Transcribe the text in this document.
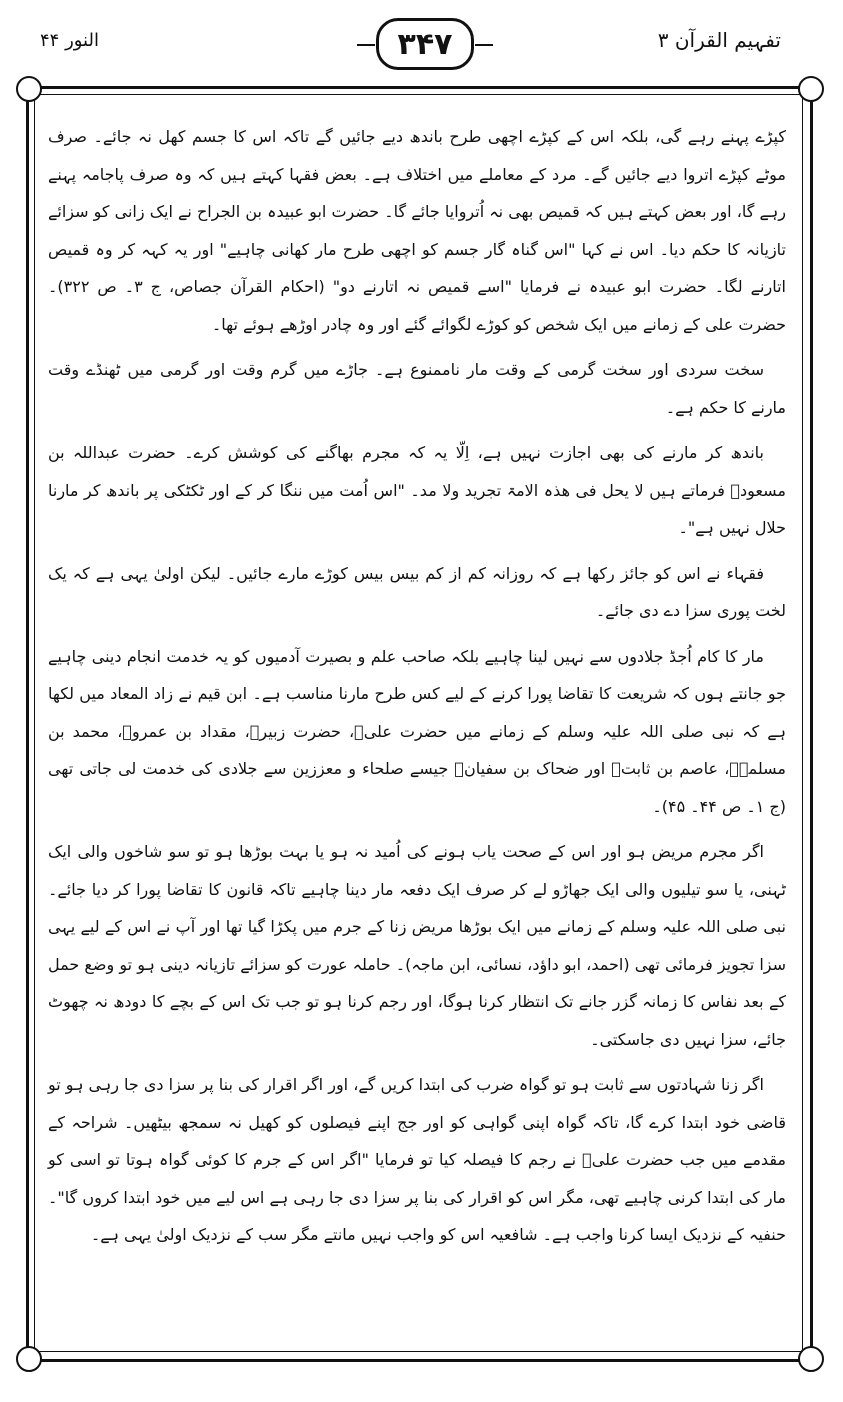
النور ۴۴	۳۴۷	تفہیم القرآن ۳

کپڑے پہنے رہے گی، بلکہ اس کے کپڑے اچھی طرح باندھ دیے جائیں گے تاکہ اس کا جسم کھل نہ جائے۔ صرف موٹے کپڑے اتروا دیے جائیں گے۔ مرد کے معاملے میں اختلاف ہے۔ بعض فقہا کہتے ہیں کہ وہ صرف پاجامہ پہنے رہے گا، اور بعض کہتے ہیں کہ قمیص بھی نہ اُتروایا جائے گا۔ حضرت ابو عبیدہ بن الجراح نے ایک زانی کو سزائے تازیانہ کا حکم دیا۔ اس نے کہا "اس گناہ گار جسم کو اچھی طرح مار کھانی چاہیے" اور یہ کہہ کر وہ قمیص اتارنے لگا۔ حضرت ابو عبیدہ نے فرمایا "اسے قمیص نہ اتارنے دو" (احکام القرآن جصاص، ج ۳۔ ص ۳۲۲)۔ حضرت علی کے زمانے میں ایک شخص کو کوڑے لگوائے گئے اور وہ چادر اوڑھے ہوئے تھا۔

سخت سردی اور سخت گرمی کے وقت مار ناممنوع ہے۔ جاڑے میں گرم وقت اور گرمی میں ٹھنڈے وقت مارنے کا حکم ہے۔

باندھ کر مارنے کی بھی اجازت نہیں ہے، اِلّا یہ کہ مجرم بھاگنے کی کوشش کرے۔ حضرت عبداللہ بن مسعودؓ فرماتے ہیں لا یحل فی ھذہ الامۃ تجرید ولا مد۔ "اس اُمت میں ننگا کر کے اور ٹکٹکی پر باندھ کر مارنا حلال نہیں ہے"۔

فقہاء نے اس کو جائز رکھا ہے کہ روزانہ کم از کم بیس بیس کوڑے مارے جائیں۔ لیکن اولیٰ یہی ہے کہ یک لخت پوری سزا دے دی جائے۔

مار کا کام اُجڈ جلادوں سے نہیں لینا چاہیے بلکہ صاحب علم و بصیرت آدمیوں کو یہ خدمت انجام دینی چاہیے جو جانتے ہوں کہ شریعت کا تقاضا پورا کرنے کے لیے کس طرح مارنا مناسب ہے۔ ابن قیم نے زاد المعاد میں لکھا ہے کہ نبی صلی اللہ علیہ وسلم کے زمانے میں حضرت علیؓ، حضرت زبیرؓ، مقداد بن عمروؓ، محمد بن مسلمہؓ، عاصم بن ثابتؓ اور ضحاک بن سفیانؓ جیسے صلحاء و معززین سے جلادی کی خدمت لی جاتی تھی (ج ۱۔ ص ۴۴۔ ۴۵)۔

اگر مجرم مریض ہو اور اس کے صحت یاب ہونے کی اُمید نہ ہو یا بہت بوڑھا ہو تو سو شاخوں والی ایک ٹہنی، یا سو تیلیوں والی ایک جھاڑو لے کر صرف ایک دفعہ مار دینا چاہیے تاکہ قانون کا تقاضا پورا کر دیا جائے۔ نبی صلی اللہ علیہ وسلم کے زمانے میں ایک بوڑھا مریض زنا کے جرم میں پکڑا گیا تھا اور آپ نے اس کے لیے یہی سزا تجویز فرمائی تھی (احمد، ابو داؤد، نسائی، ابن ماجہ)۔ حاملہ عورت کو سزائے تازیانہ دینی ہو تو وضع حمل کے بعد نفاس کا زمانہ گزر جانے تک انتظار کرنا ہوگا، اور رجم کرنا ہو تو جب تک اس کے بچے کا دودھ نہ چھوٹ جائے، سزا نہیں دی جاسکتی۔

اگر زنا شہادتوں سے ثابت ہو تو گواہ ضرب کی ابتدا کریں گے، اور اگر اقرار کی بنا پر سزا دی جا رہی ہو تو قاضی خود ابتدا کرے گا، تاکہ گواہ اپنی گواہی کو اور جج اپنے فیصلوں کو کھیل نہ سمجھ بیٹھیں۔ شراحہ کے مقدمے میں جب حضرت علیؓ نے رجم کا فیصلہ کیا تو فرمایا "اگر اس کے جرم کا کوئی گواہ ہوتا تو اسی کو مار کی ابتدا کرنی چاہیے تھی، مگر اس کو اقرار کی بنا پر سزا دی جا رہی ہے اس لیے میں خود ابتدا کروں گا"۔ حنفیہ کے نزدیک ایسا کرنا واجب ہے۔ شافعیہ اس کو واجب نہیں مانتے مگر سب کے نزدیک اولیٰ یہی ہے۔
